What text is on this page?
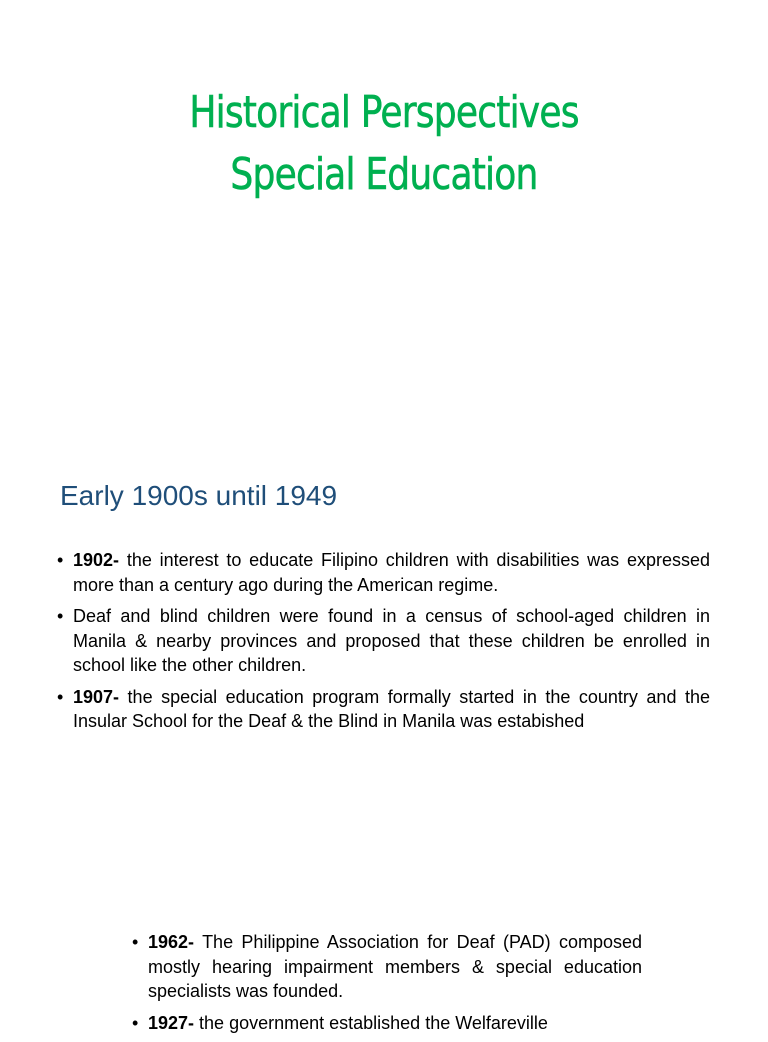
Historical Perspectives
Special Education
Early 1900s until 1949
• 1902- the interest to educate Filipino children with disabilities was expressed more than a century ago during the American regime.
• Deaf and blind children were found in a census of school-aged children in Manila & nearby provinces and proposed that these children be enrolled in school like the other children.
• 1907- the special education program formally started in the country and the Insular School for the Deaf & the Blind in Manila was estabished
• 1962- The Philippine Association for Deaf (PAD) composed mostly hearing impairment members & special education specialists was founded.
• 1927- the government established the Welfareville
